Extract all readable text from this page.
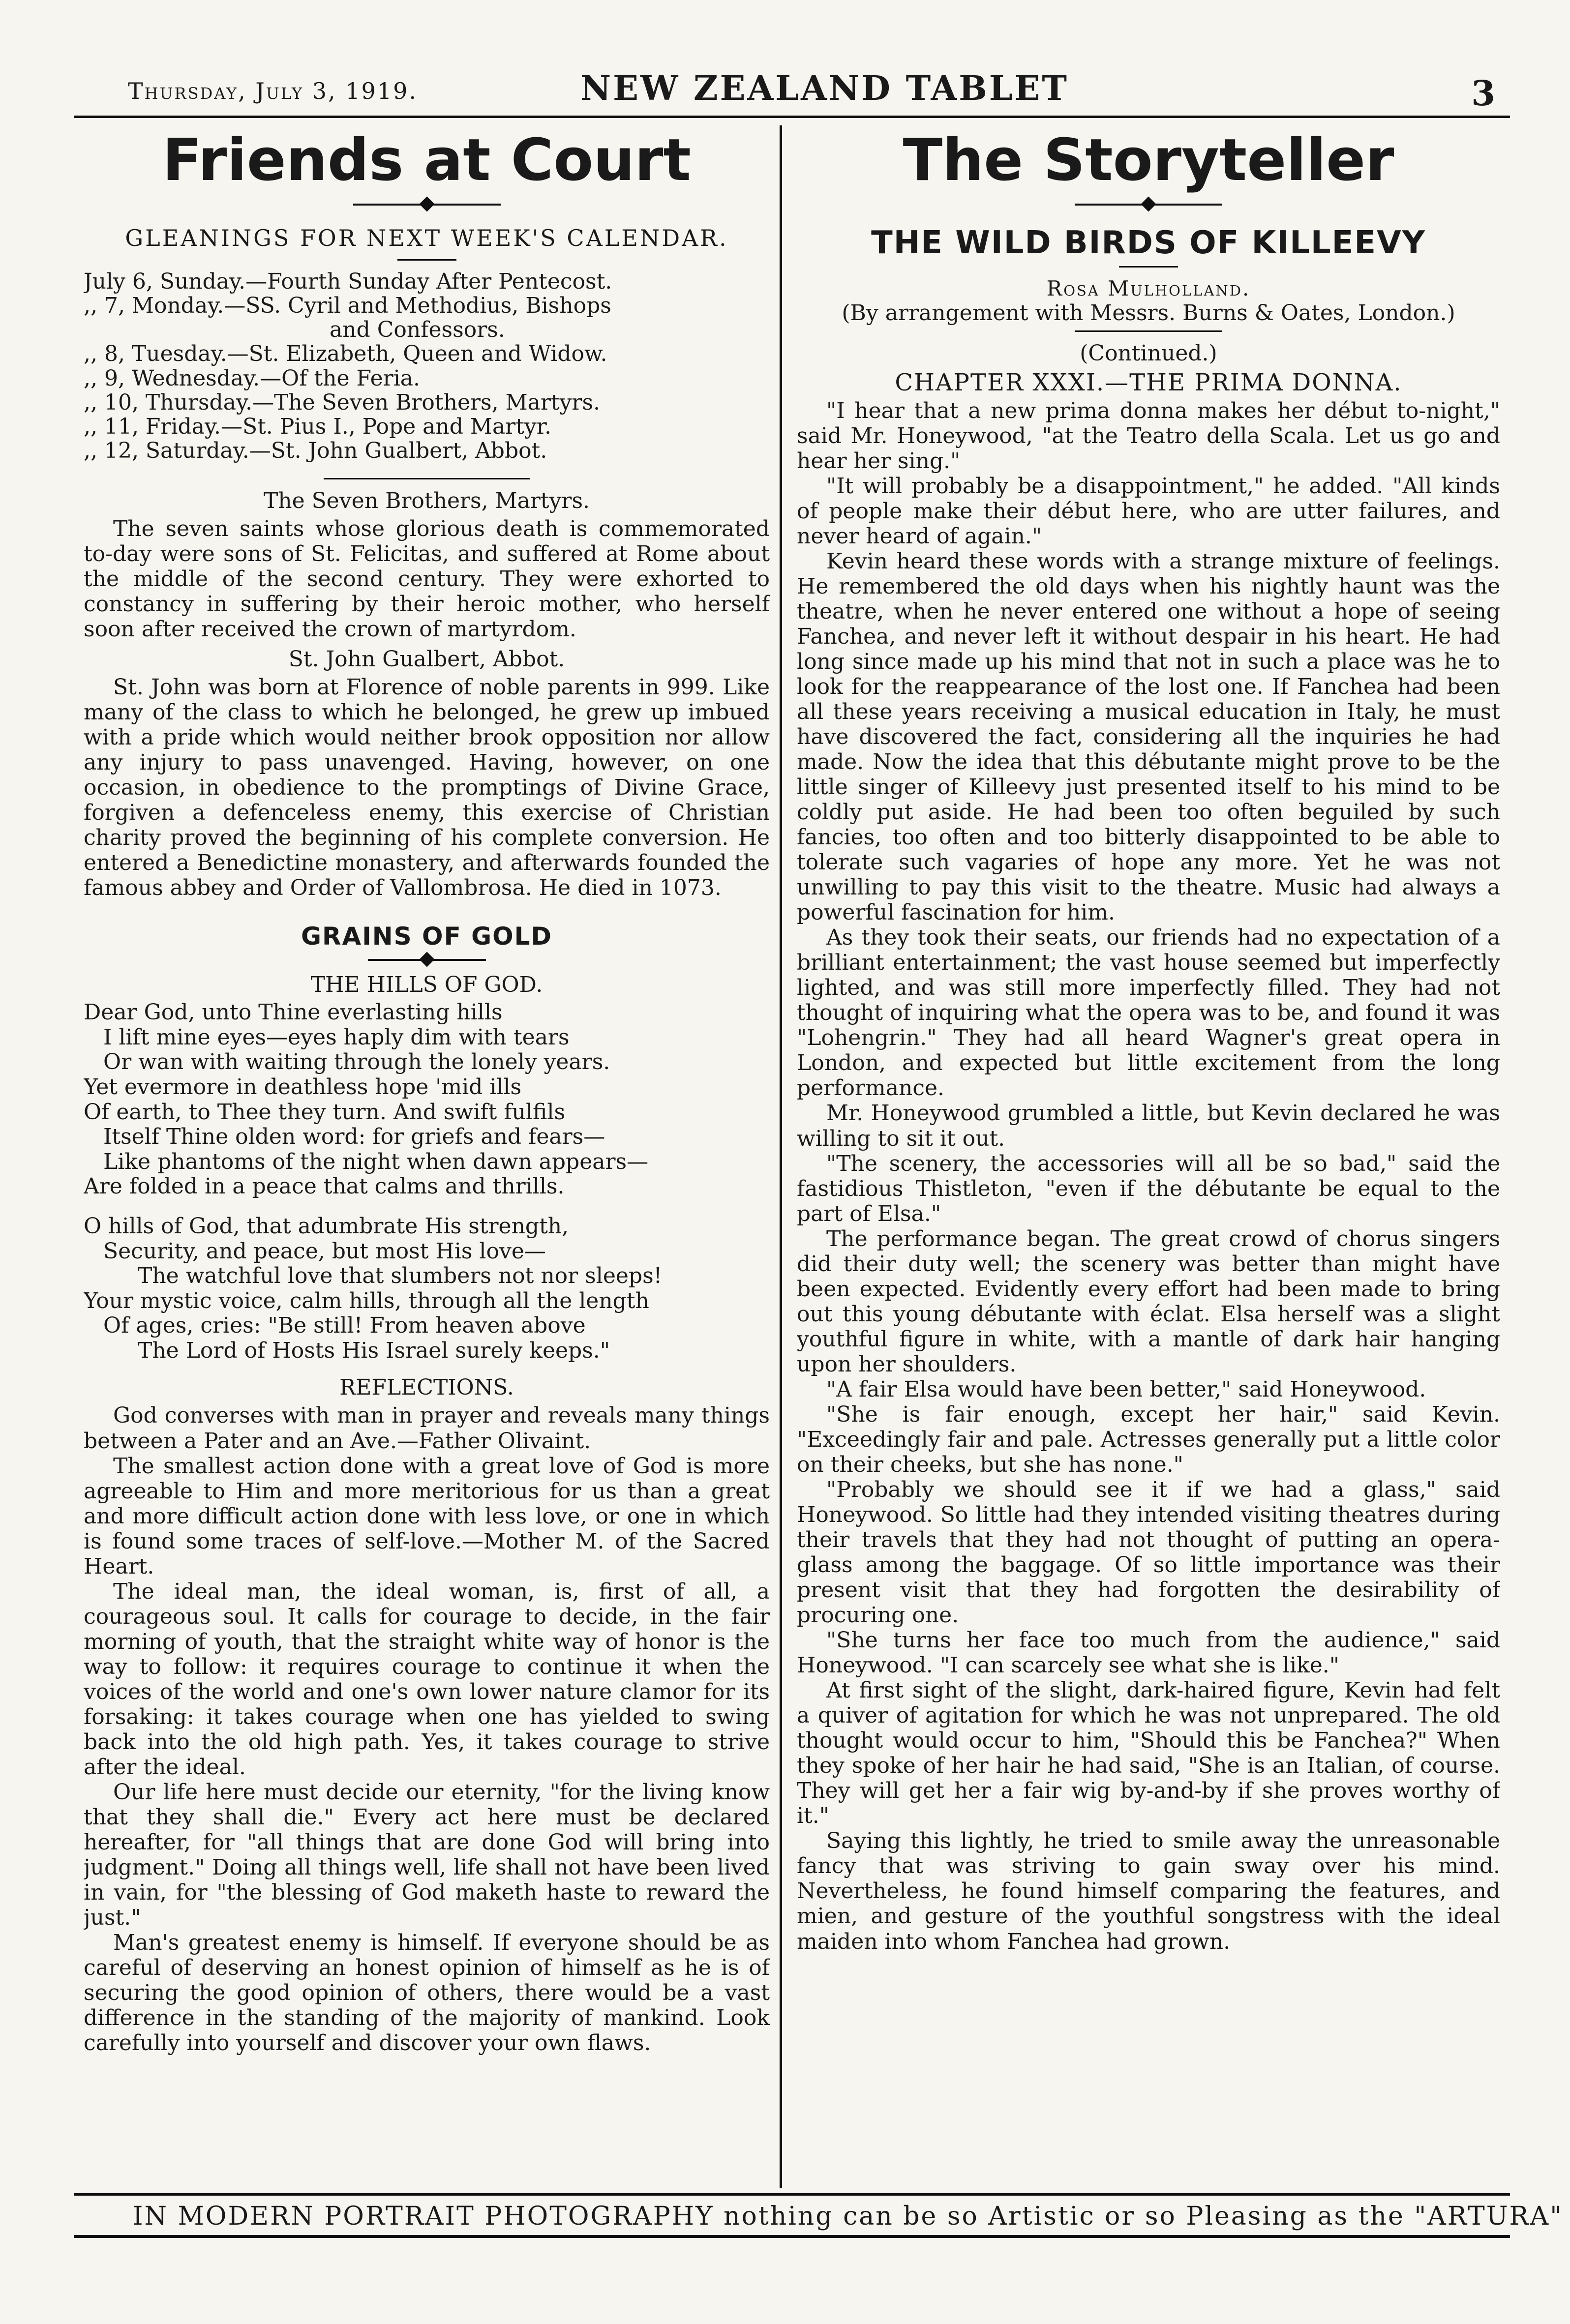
Thursday, July 3, 1919.	NEW ZEALAND TABLET	3
Friends at Court

GLEANINGS FOR NEXT WEEK'S CALENDAR.

July 6, Sunday.—Fourth Sunday After Pentecost.
,, 7, Monday.—SS. Cyril and Methodius, Bishops
and Confessors.
,, 8, Tuesday.—St. Elizabeth, Queen and Widow.
,, 9, Wednesday.—Of the Feria.
,, 10, Thursday.—The Seven Brothers, Martyrs.
,, 11, Friday.—St. Pius I., Pope and Martyr.
,, 12, Saturday.—St. John Gualbert, Abbot.
The Seven Brothers, Martyrs.

The seven saints whose glorious death is commemorated to-day were sons of St. Felicitas, and suffered at Rome about the middle of the second century. They were exhorted to constancy in suffering by their heroic mother, who herself soon after received the crown of martyrdom.

St. John Gualbert, Abbot.

St. John was born at Florence of noble parents in 999. Like many of the class to which he belonged, he grew up imbued with a pride which would neither brook opposition nor allow any injury to pass unavenged. Having, however, on one occasion, in obedience to the promptings of Divine Grace, forgiven a defenceless enemy, this exercise of Christian charity proved the beginning of his complete conversion. He entered a Benedictine monastery, and afterwards founded the famous abbey and Order of Vallombrosa. He died in 1073.

GRAINS OF GOLD
THE HILLS OF GOD.
Dear God, unto Thine everlasting hills
I lift mine eyes—eyes haply dim with tears
Or wan with waiting through the lonely years.
Yet evermore in deathless hope 'mid ills
Of earth, to Thee they turn. And swift fulfils
Itself Thine olden word: for griefs and fears—
Like phantoms of the night when dawn appears—
Are folded in a peace that calms and thrills.
O hills of God, that adumbrate His strength,
Security, and peace, but most His love—
The watchful love that slumbers not nor sleeps!
Your mystic voice, calm hills, through all the length
Of ages, cries: "Be still! From heaven above
The Lord of Hosts His Israel surely keeps."
REFLECTIONS.

God converses with man in prayer and reveals many things between a Pater and an Ave.—Father Olivaint.

The smallest action done with a great love of God is more agreeable to Him and more meritorious for us than a great and more difficult action done with less love, or one in which is found some traces of self-love.—Mother M. of the Sacred Heart.

The ideal man, the ideal woman, is, first of all, a courageous soul. It calls for courage to decide, in the fair morning of youth, that the straight white way of honor is the way to follow: it requires courage to continue it when the voices of the world and one's own lower nature clamor for its forsaking: it takes courage when one has yielded to swing back into the old high path. Yes, it takes courage to strive after the ideal.

Our life here must decide our eternity, "for the living know that they shall die." Every act here must be declared hereafter, for "all things that are done God will bring into judgment." Doing all things well, life shall not have been lived in vain, for "the blessing of God maketh haste to reward the just."

Man's greatest enemy is himself. If everyone should be as careful of deserving an honest opinion of himself as he is of securing the good opinion of others, there would be a vast difference in the standing of the majority of mankind. Look carefully into yourself and discover your own flaws.

The Storyteller
THE WILD BIRDS OF KILLEEVY

Rosa Mulholland.

(By arrangement with Messrs. Burns & Oates, London.)

(Continued.)
CHAPTER XXXI.—THE PRIMA DONNA.

"I hear that a new prima donna makes her début to-night," said Mr. Honeywood, "at the Teatro della Scala. Let us go and hear her sing."

"It will probably be a disappointment," he added. "All kinds of people make their début here, who are utter failures, and never heard of again."

Kevin heard these words with a strange mixture of feelings. He remembered the old days when his nightly haunt was the theatre, when he never entered one without a hope of seeing Fanchea, and never left it without despair in his heart. He had long since made up his mind that not in such a place was he to look for the reappearance of the lost one. If Fanchea had been all these years receiving a musical education in Italy, he must have discovered the fact, considering all the inquiries he had made. Now the idea that this débutante might prove to be the little singer of Killeevy just presented itself to his mind to be coldly put aside. He had been too often beguiled by such fancies, too often and too bitterly disappointed to be able to tolerate such vagaries of hope any more. Yet he was not unwilling to pay this visit to the theatre. Music had always a powerful fascination for him.

As they took their seats, our friends had no expectation of a brilliant entertainment; the vast house seemed but imperfectly lighted, and was still more imperfectly filled. They had not thought of inquiring what the opera was to be, and found it was "Lohengrin." They had all heard Wagner's great opera in London, and expected but little excitement from the long performance.

Mr. Honeywood grumbled a little, but Kevin declared he was willing to sit it out.

"The scenery, the accessories will all be so bad," said the fastidious Thistleton, "even if the débutante be equal to the part of Elsa."

The performance began. The great crowd of chorus singers did their duty well; the scenery was better than might have been expected. Evidently every effort had been made to bring out this young débutante with éclat. Elsa herself was a slight youthful figure in white, with a mantle of dark hair hanging upon her shoulders.

"A fair Elsa would have been better," said Honeywood.

"She is fair enough, except her hair," said Kevin. "Exceedingly fair and pale. Actresses generally put a little color on their cheeks, but she has none."

"Probably we should see it if we had a glass," said Honeywood. So little had they intended visiting theatres during their travels that they had not thought of putting an opera-glass among the baggage. Of so little importance was their present visit that they had forgotten the desirability of procuring one.

"She turns her face too much from the audience," said Honeywood. "I can scarcely see what she is like."

At first sight of the slight, dark-haired figure, Kevin had felt a quiver of agitation for which he was not unprepared. The old thought would occur to him, "Should this be Fanchea?" When they spoke of her hair he had said, "She is an Italian, of course. They will get her a fair wig by-and-by if she proves worthy of it."

Saying this lightly, he tried to smile away the unreasonable fancy that was striving to gain sway over his mind. Nevertheless, he found himself comparing the features, and mien, and gesture of the youthful songstress with the ideal maiden into whom Fanchea had grown.

IN MODERN PORTRAIT PHOTOGRAPHY nothing can be so Artistic or so Pleasing as the "ARTURA"
